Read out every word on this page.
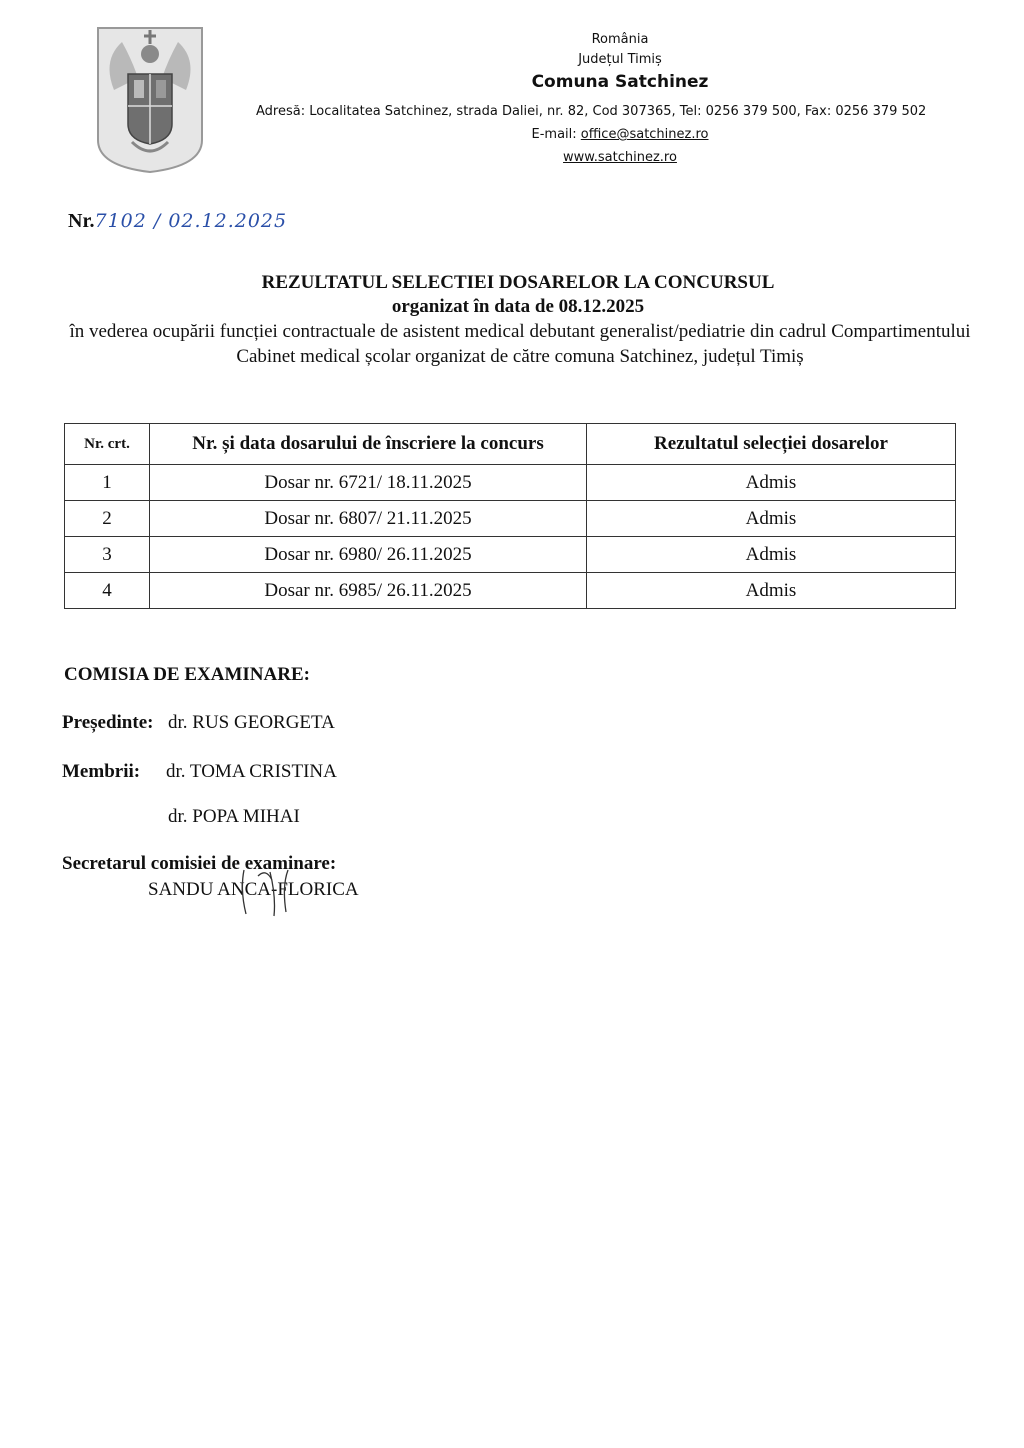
România
Județul Timiș
Comuna Satchinez
Adresă: Localitatea Satchinez, strada Daliei, nr. 82, Cod 307365, Tel: 0256 379 500, Fax: 0256 379 502
E-mail: office@satchinez.ro
www.satchinez.ro
Nr.7102 / 02.12.2025
REZULTATUL SELECTIEI DOSARELOR LA CONCURSUL
organizat în data de 08.12.2025
în vederea ocupării funcției contractuale de asistent medical debutant generalist/pediatrie din cadrul Compartimentului Cabinet medical școlar organizat de către comuna Satchinez, județul Timiș
Nr. crt.	Nr. și data dosarului de înscriere la concurs	Rezultatul selecției dosarelor
1	Dosar nr. 6721/ 18.11.2025	Admis
2	Dosar nr. 6807/ 21.11.2025	Admis
3	Dosar nr. 6980/ 26.11.2025	Admis
4	Dosar nr. 6985/ 26.11.2025	Admis
COMISIA DE EXAMINARE:
Președinte: dr. RUS GEORGETA
Membrii: dr. TOMA CRISTINA
dr. POPA MIHAI
Secretarul comisiei de examinare:
SANDU ANCA-FLORICA
